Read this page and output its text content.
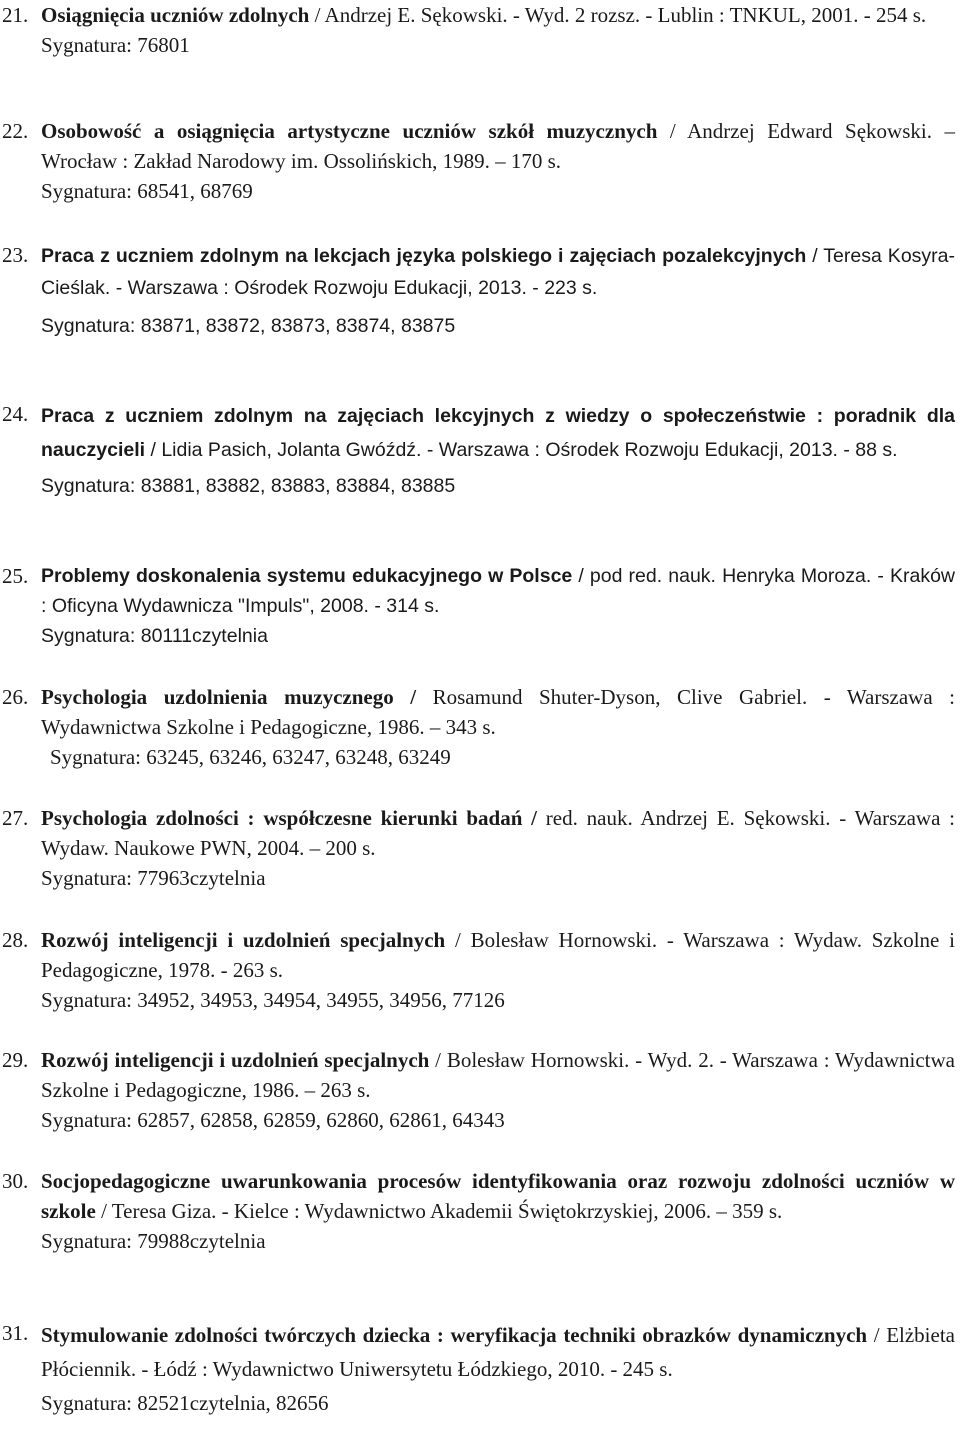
21. Osiągnięcia uczniów zdolnych / Andrzej E. Sękowski. - Wyd. 2 rozsz. - Lublin : TNKUL, 2001. - 254 s.
Sygnatura: 76801
22. Osobowość a osiągnięcia artystyczne uczniów szkół muzycznych / Andrzej Edward Sękowski. – Wrocław : Zakład Narodowy im. Ossolińskich, 1989. – 170 s.
Sygnatura: 68541, 68769
23. Praca z uczniem zdolnym na lekcjach języka polskiego i zajęciach pozalekcyjnych / Teresa Kosyra-Cieślak. - Warszawa : Ośrodek Rozwoju Edukacji, 2013. - 223 s.
Sygnatura: 83871, 83872, 83873, 83874, 83875
24. Praca z uczniem zdolnym na zajęciach lekcyjnych z wiedzy o społeczeństwie : poradnik dla nauczycieli / Lidia Pasich, Jolanta Gwóźdź. - Warszawa : Ośrodek Rozwoju Edukacji, 2013. - 88 s.
Sygnatura: 83881, 83882, 83883, 83884, 83885
25. Problemy doskonalenia systemu edukacyjnego w Polsce / pod red. nauk. Henryka Moroza. - Kraków : Oficyna Wydawnicza "Impuls", 2008. - 314 s.
Sygnatura: 80111czytelnia
26. Psychologia uzdolnienia muzycznego / Rosamund Shuter-Dyson, Clive Gabriel. - Warszawa : Wydawnictwa Szkolne i Pedagogiczne, 1986. – 343 s.
Sygnatura: 63245, 63246, 63247, 63248, 63249
27. Psychologia zdolności : współczesne kierunki badań / red. nauk. Andrzej E. Sękowski. - Warszawa : Wydaw. Naukowe PWN, 2004. – 200 s.
Sygnatura: 77963czytelnia
28. Rozwój inteligencji i uzdolnień specjalnych / Bolesław Hornowski. - Warszawa : Wydaw. Szkolne i Pedagogiczne, 1978. - 263 s.
Sygnatura: 34952, 34953, 34954, 34955, 34956, 77126
29. Rozwój inteligencji i uzdolnień specjalnych / Bolesław Hornowski. - Wyd. 2. - Warszawa : Wydawnictwa Szkolne i Pedagogiczne, 1986. – 263 s.
Sygnatura: 62857, 62858, 62859, 62860, 62861, 64343
30. Socjopedagogiczne uwarunkowania procesów identyfikowania oraz rozwoju zdolności uczniów w szkole / Teresa Giza. - Kielce : Wydawnictwo Akademii Świętokrzyskiej, 2006. – 359 s.
Sygnatura: 79988czytelnia
31. Stymulowanie zdolności twórczych dziecka : weryfikacja techniki obrazków dynamicznych / Elżbieta Płóciennik. - Łódź : Wydawnictwo Uniwersytetu Łódzkiego, 2010. - 245 s.
Sygnatura: 82521czytelnia, 82656
